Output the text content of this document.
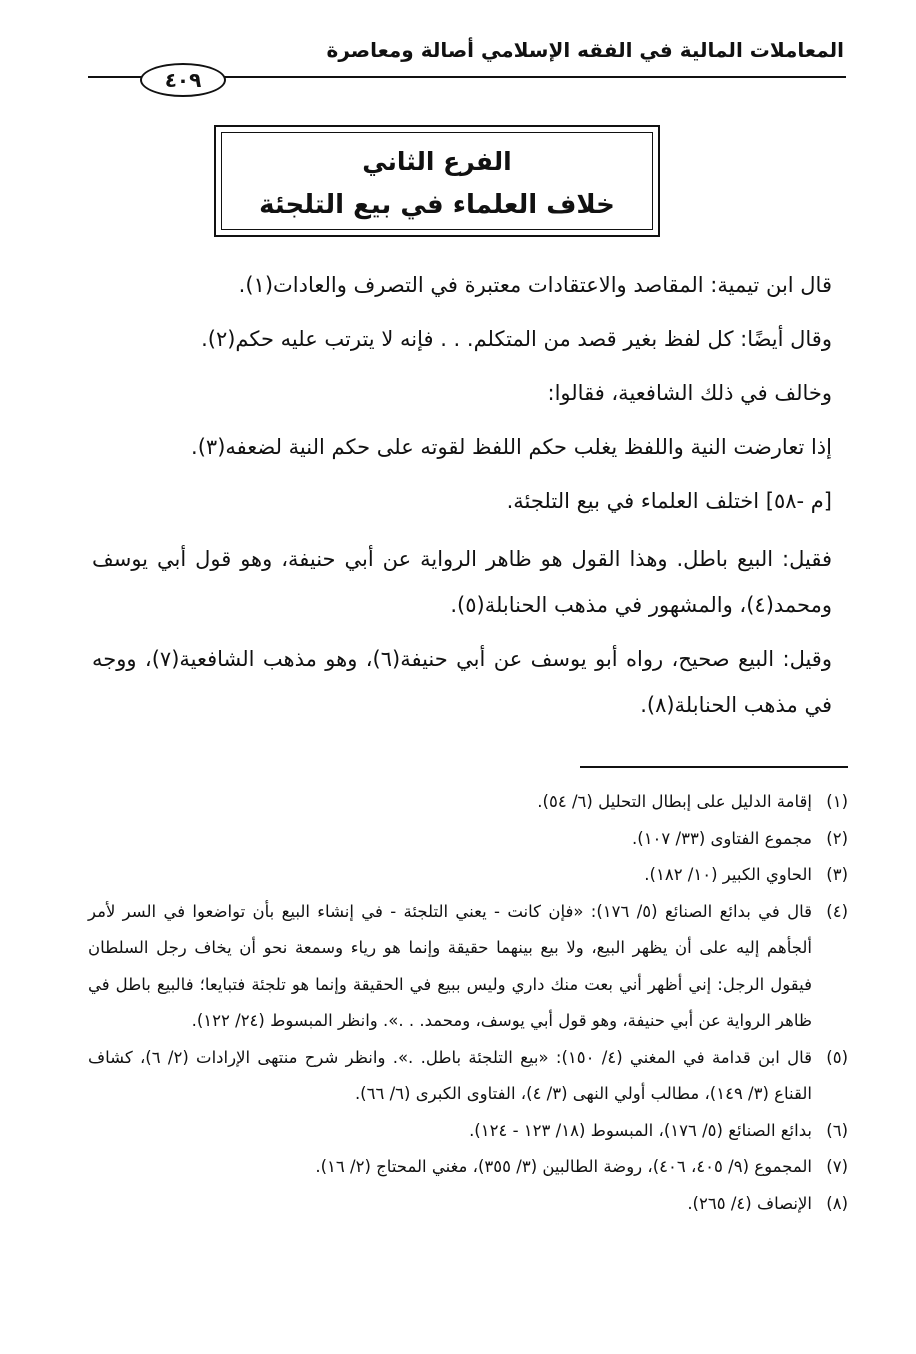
المعاملات المالية في الفقه الإسلامي أصالة ومعاصرة
٤٠٩
الفرع الثاني
خلاف العلماء في بيع التلجئة

قال ابن تيمية: المقاصد والاعتقادات معتبرة في التصرف والعادات(١).

وقال أيضًا: كل لفظ بغير قصد من المتكلم. . . فإنه لا يترتب عليه حكم(٢).

وخالف في ذلك الشافعية، فقالوا:

إذا تعارضت النية واللفظ يغلب حكم اللفظ لقوته على حكم النية لضعفه(٣).

[م -٥٨] اختلف العلماء في بيع التلجئة.

فقيل: البيع باطل. وهذا القول هو ظاهر الرواية عن أبي حنيفة، وهو قول أبي يوسف ومحمد(٤)، والمشهور في مذهب الحنابلة(٥).

وقيل: البيع صحيح، رواه أبو يوسف عن أبي حنيفة(٦)، وهو مذهب الشافعية(٧)، ووجه في مذهب الحنابلة(٨).

(١)
إقامة الدليل على إبطال التحليل (٦/ ٥٤).
(٢)
مجموع الفتاوى (٣٣/ ١٠٧).
(٣)
الحاوي الكبير (١٠/ ١٨٢).
(٤)
قال في بدائع الصنائع (٥/ ١٧٦): «فإن كانت - يعني التلجئة - في إنشاء البيع بأن تواضعوا في السر لأمر ألجأهم إليه على أن يظهر البيع، ولا بيع بينهما حقيقة وإنما هو رياء وسمعة نحو أن يخاف رجل السلطان فيقول الرجل: إني أظهر أني بعت منك داري وليس ببيع في الحقيقة وإنما هو تلجئة فتبايعا؛ فالبيع باطل في ظاهر الرواية عن أبي حنيفة، وهو قول أبي يوسف، ومحمد. . .». وانظر المبسوط (٢٤/ ١٢٢).
(٥)
قال ابن قدامة في المغني (٤/ ١٥٠): «بيع التلجئة باطل. .». وانظر شرح منتهى الإرادات (٢/ ٦)، كشاف القناع (٣/ ١٤٩)، مطالب أولي النهى (٣/ ٤)، الفتاوى الكبرى (٦/ ٦٦).
(٦)
بدائع الصنائع (٥/ ١٧٦)، المبسوط (١٨/ ١٢٣ - ١٢٤).
(٧)
المجموع (٩/ ٤٠٥، ٤٠٦)، روضة الطالبين (٣/ ٣٥٥)، مغني المحتاج (٢/ ١٦).
(٨)
الإنصاف (٤/ ٢٦٥).
